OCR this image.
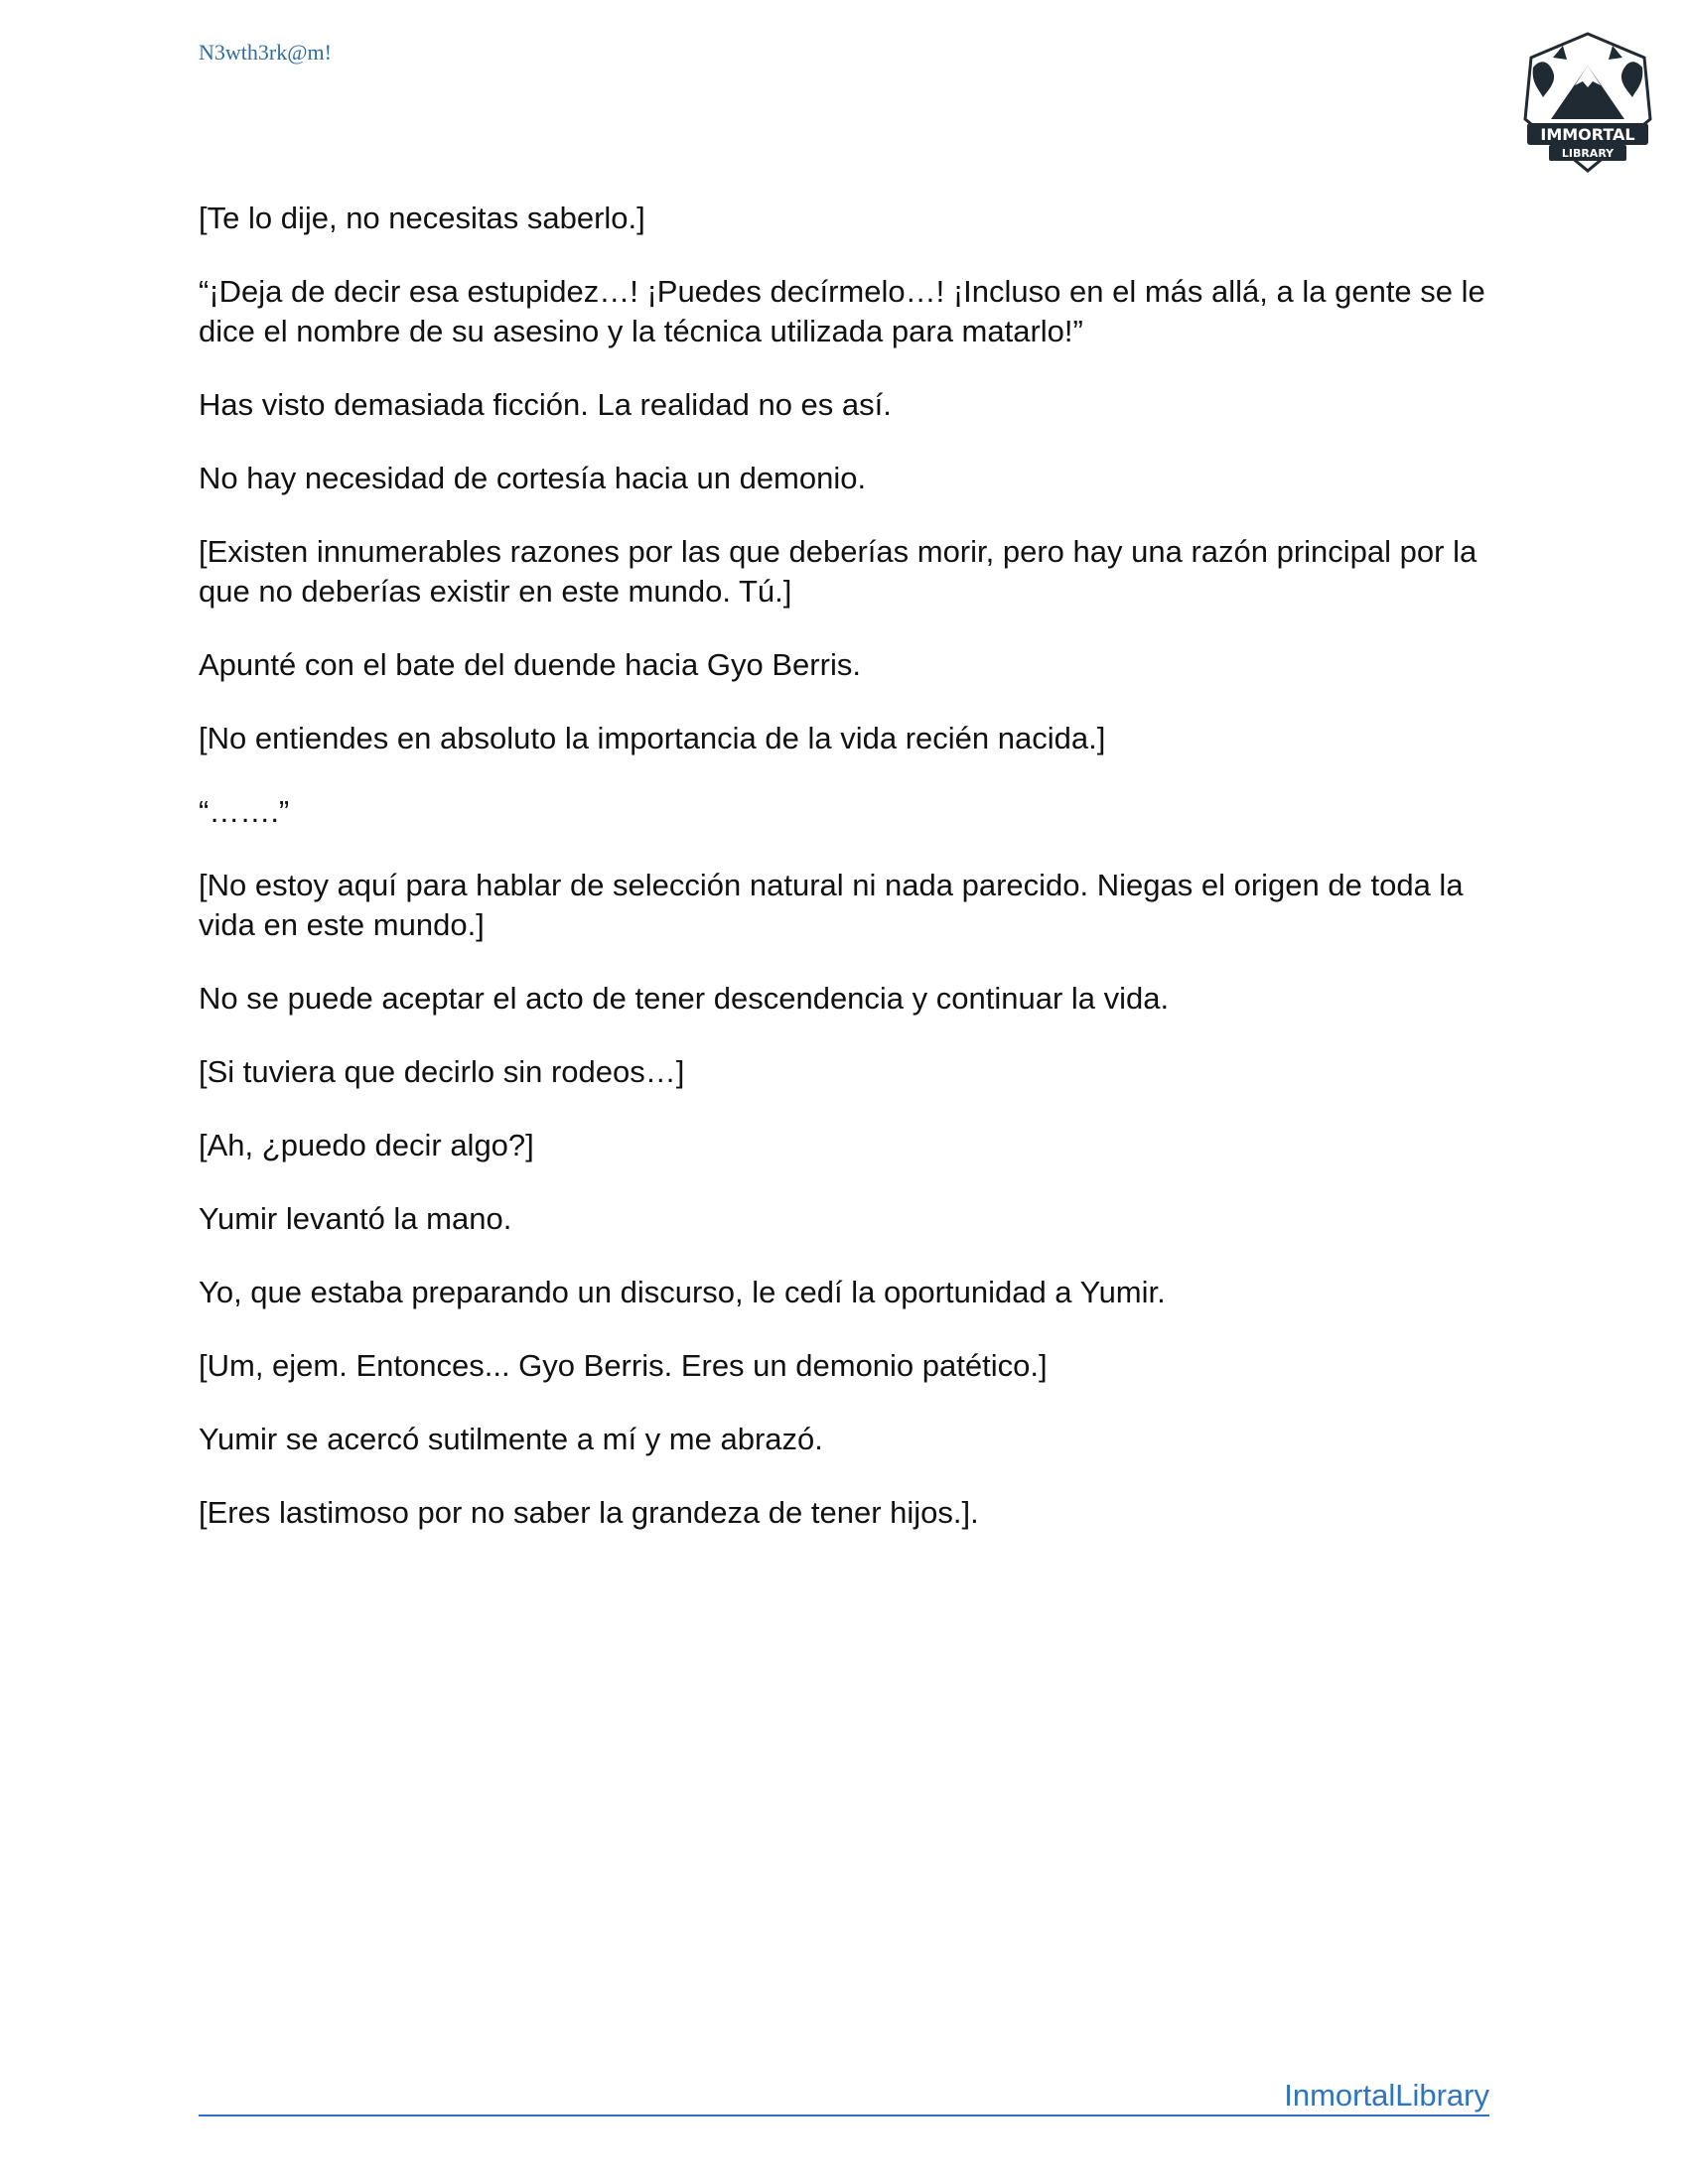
N3wth3rk@m!
IMMORTAL
LIBRARY

[Te lo dije, no necesitas saberlo.]

“¡Deja de decir esa estupidez…! ¡Puedes decírmelo…! ¡Incluso en el más allá, a la gente se le dice el nombre de su asesino y la técnica utilizada para matarlo!”

Has visto demasiada ficción. La realidad no es así.

No hay necesidad de cortesía hacia un demonio.

[Existen innumerables razones por las que deberías morir, pero hay una razón principal por la que no deberías existir en este mundo. Tú.]

Apunté con el bate del duende hacia Gyo Berris.

[No entiendes en absoluto la importancia de la vida recién nacida.]

“…….”

[No estoy aquí para hablar de selección natural ni nada parecido. Niegas el origen de toda la vida en este mundo.]

No se puede aceptar el acto de tener descendencia y continuar la vida.

[Si tuviera que decirlo sin rodeos…]

[Ah, ¿puedo decir algo?]

Yumir levantó la mano.

Yo, que estaba preparando un discurso, le cedí la oportunidad a Yumir.

[Um, ejem. Entonces... Gyo Berris. Eres un demonio patético.]

Yumir se acercó sutilmente a mí y me abrazó.

[Eres lastimoso por no saber la grandeza de tener hijos.].

InmortalLibrary
